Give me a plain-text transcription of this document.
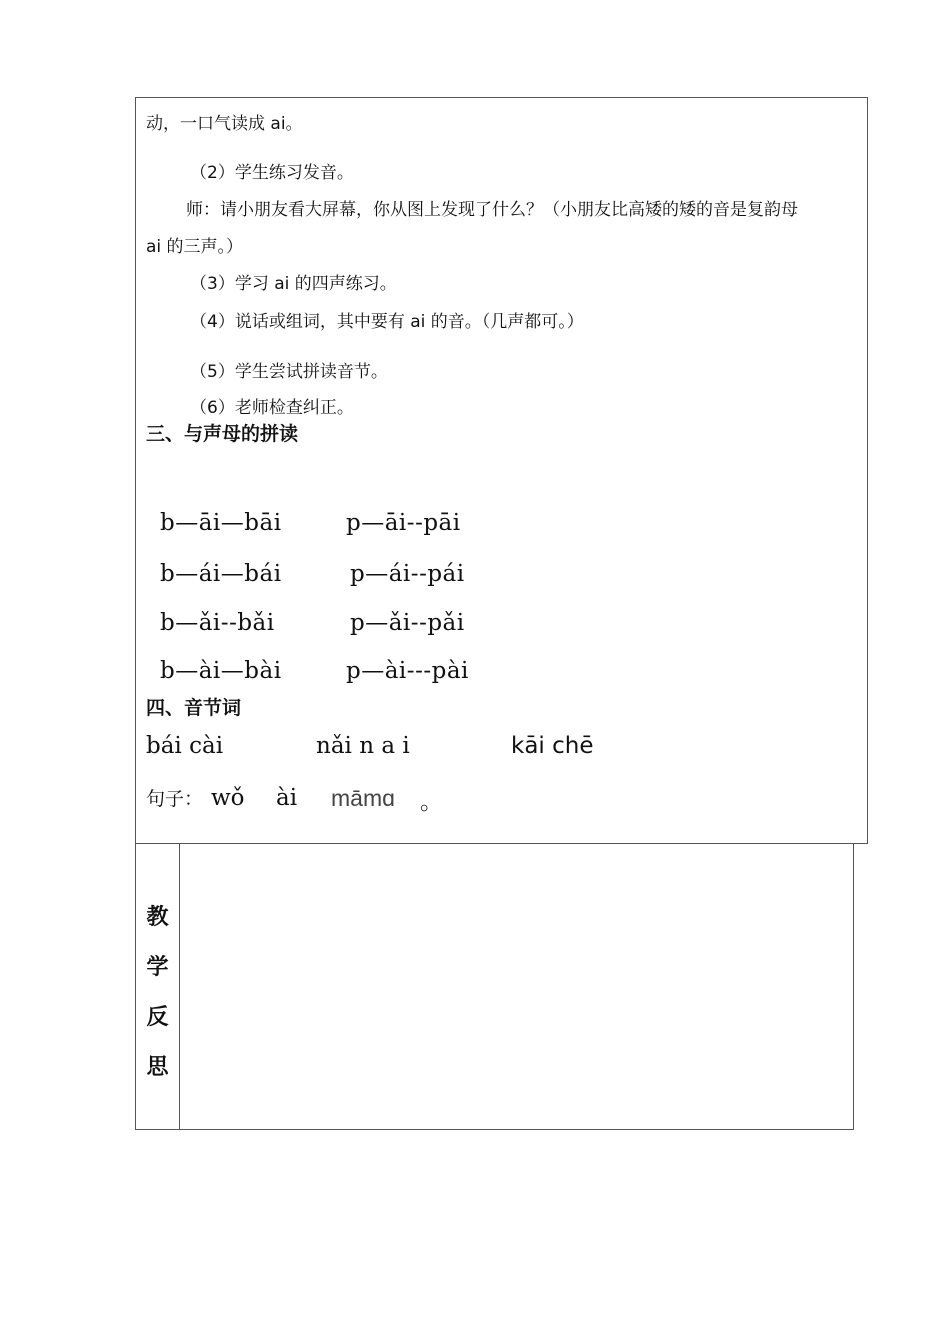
动，一口气读成 ai。
（2）学生练习发音。
师：请小朋友看大屏幕，你从图上发现了什么？（小朋友比高矮的矮的音是复韵母
ai 的三声。）
（3）学习 ai 的四声练习。
（4）说话或组词，其中要有 ai 的音。（几声都可。）
（5）学生尝试拼读音节。
（6）老师检查纠正。
三、与声母的拼读
b—āi—bāi	p—āi--pāi
b—ái—bái	p—ái--pái
b—ǎi--bǎi	p—ǎi--pǎi
b—ài—bài	p—ài---pài
四、音节词
bái cài	nǎi n a i	kāi chē
句子： wǒ ài māmɑ 。
教
学
反
思
